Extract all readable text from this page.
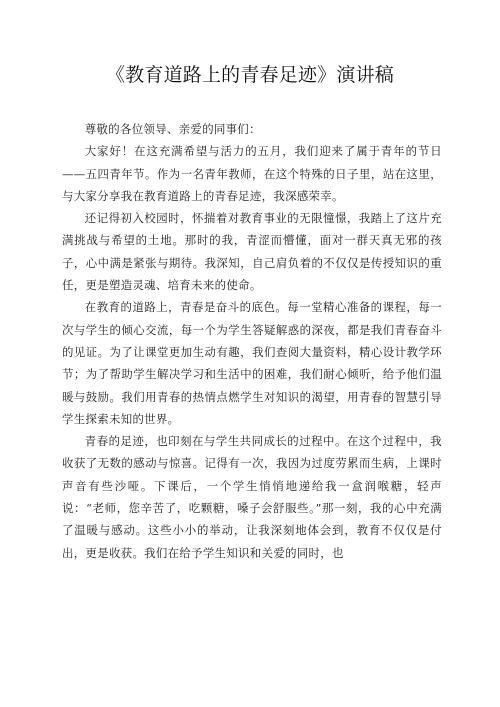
《教育道路上的青春足迹》演讲稿

尊敬的各位领导、亲爱的同事们：

大家好！在这充满希望与活力的五月，我们迎来了属于青年的节日——五四青年节。作为一名青年教师，在这个特殊的日子里，站在这里，与大家分享我在教育道路上的青春足迹，我深感荣幸。

还记得初入校园时，怀揣着对教育事业的无限憧憬，我踏上了这片充满挑战与希望的土地。那时的我，青涩而懵懂，面对一群天真无邪的孩子，心中满是紧张与期待。我深知，自己肩负着的不仅仅是传授知识的重任，更是塑造灵魂、培育未来的使命。

在教育的道路上，青春是奋斗的底色。每一堂精心准备的课程，每一次与学生的倾心交流，每一个为学生答疑解惑的深夜，都是我们青春奋斗的见证。为了让课堂更加生动有趣，我们查阅大量资料，精心设计教学环节；为了帮助学生解决学习和生活中的困难，我们耐心倾听，给予他们温暖与鼓励。我们用青春的热情点燃学生对知识的渴望，用青春的智慧引导学生探索未知的世界。

青春的足迹，也印刻在与学生共同成长的过程中。在这个过程中，我收获了无数的感动与惊喜。记得有一次，我因为过度劳累而生病，上课时声音有些沙哑。下课后，一个学生悄悄地递给我一盒润喉糖，轻声说：“老师，您辛苦了，吃颗糖，嗓子会舒服些。”那一刻，我的心中充满了温暖与感动。这些小小的举动，让我深刻地体会到，教育不仅仅是付出，更是收获。我们在给予学生知识和关爱的同时，也
